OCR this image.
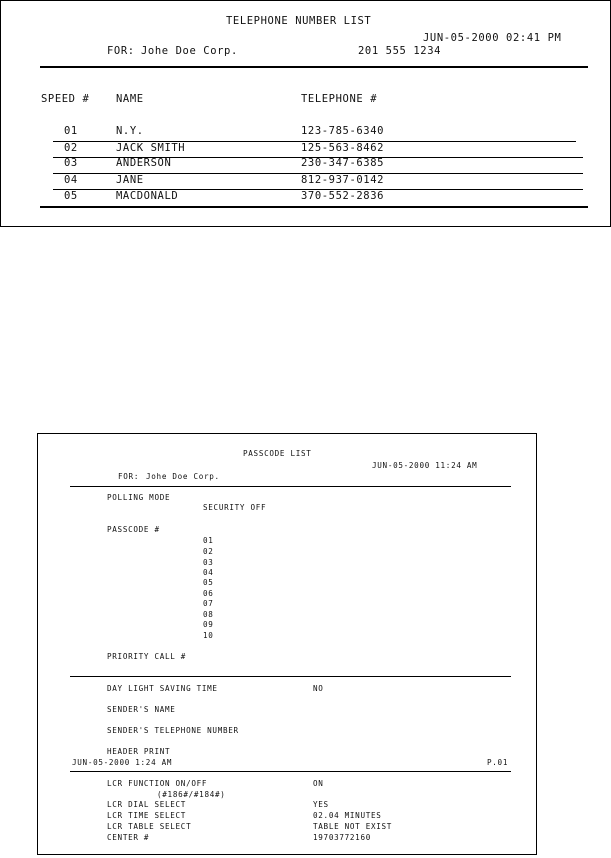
TELEPHONE NUMBER LIST
JUN-05-2000 02:41 PM
FOR: Johe Doe Corp.	201 555 1234
SPEED #	NAME	TELEPHONE #
01	N.Y.	123-785-6340
02	JACK SMITH	125-563-8462
03	ANDERSON	230-347-6385
04	JANE	812-937-0142
05	MACDONALD	370-552-2836
PASSCODE LIST
JUN-05-2000 11:24 AM
FOR: Johe Doe Corp.
POLLING MODE
SECURITY OFF
PASSCODE #
01
02
03
04
05
06
07
08
09
10
PRIORITY CALL #
DAY LIGHT SAVING TIME	NO
SENDER'S NAME
SENDER'S TELEPHONE NUMBER
HEADER PRINT
JUN-05-2000 1:24 AM	P.01
LCR FUNCTION ON/OFF	ON
(#186#/#184#)
LCR DIAL SELECT	YES
LCR TIME SELECT	02.04 MINUTES
LCR TABLE SELECT	TABLE NOT EXIST
CENTER #	19703772160
